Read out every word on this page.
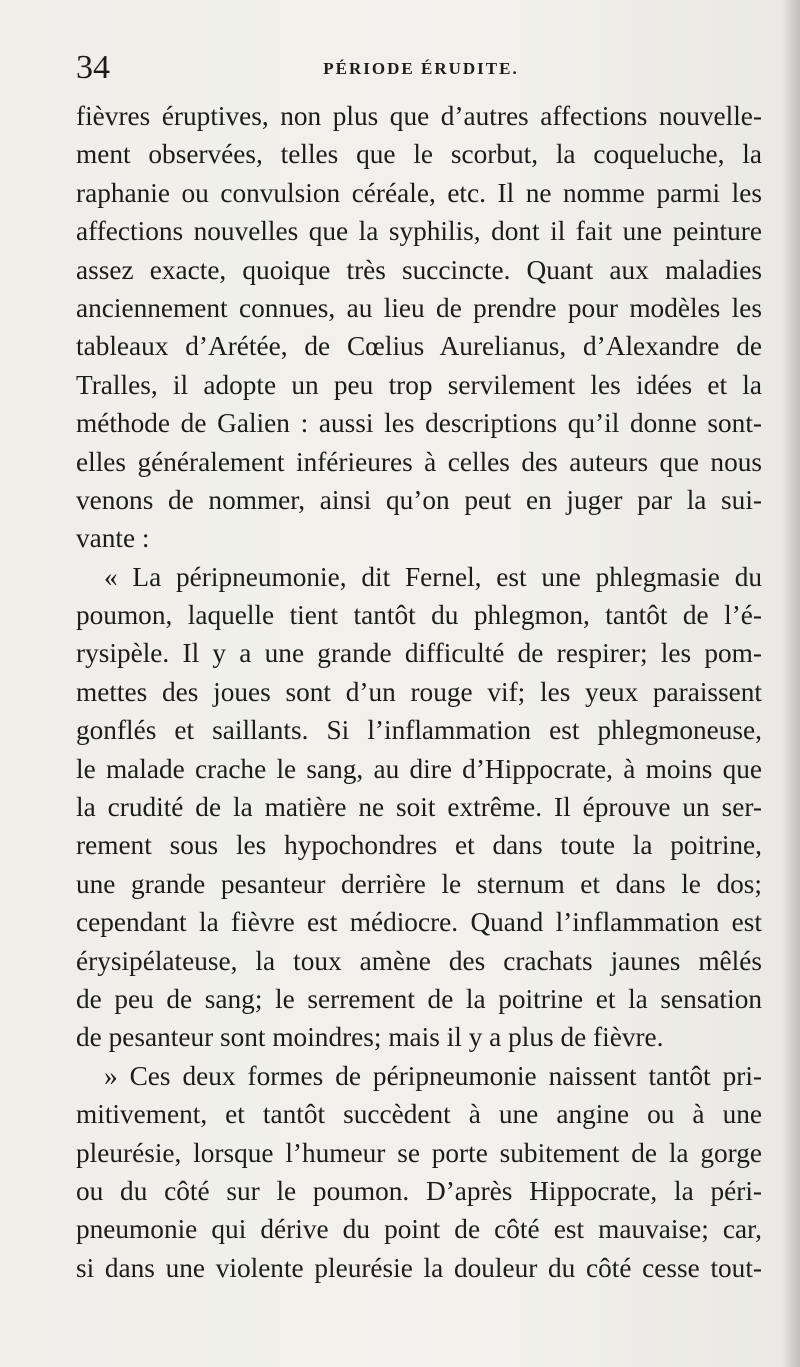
34	PÉRIODE ÉRUDITE.
fièvres éruptives, non plus que d’autres affections nouvelle-
ment observées, telles que le scorbut, la coqueluche, la
raphanie ou convulsion céréale, etc. Il ne nomme parmi les
affections nouvelles que la syphilis, dont il fait une peinture
assez exacte, quoique très succincte. Quant aux maladies
anciennement connues, au lieu de prendre pour modèles les
tableaux d’Arétée, de Cœlius Aurelianus, d’Alexandre de
Tralles, il adopte un peu trop servilement les idées et la
méthode de Galien : aussi les descriptions qu’il donne sont-
elles généralement inférieures à celles des auteurs que nous
venons de nommer, ainsi qu’on peut en juger par la sui-
vante :
« La péripneumonie, dit Fernel, est une phlegmasie du
poumon, laquelle tient tantôt du phlegmon, tantôt de l’é-
rysipèle. Il y a une grande difficulté de respirer; les pom-
mettes des joues sont d’un rouge vif; les yeux paraissent
gonflés et saillants. Si l’inflammation est phlegmoneuse,
le malade crache le sang, au dire d’Hippocrate, à moins que
la crudité de la matière ne soit extrême. Il éprouve un ser-
rement sous les hypochondres et dans toute la poitrine,
une grande pesanteur derrière le sternum et dans le dos;
cependant la fièvre est médiocre. Quand l’inflammation est
érysipélateuse, la toux amène des crachats jaunes mêlés
de peu de sang; le serrement de la poitrine et la sensation
de pesanteur sont moindres; mais il y a plus de fièvre.
» Ces deux formes de péripneumonie naissent tantôt pri-
mitivement, et tantôt succèdent à une angine ou à une
pleurésie, lorsque l’humeur se porte subitement de la gorge
ou du côté sur le poumon. D’après Hippocrate, la péri-
pneumonie qui dérive du point de côté est mauvaise; car,
si dans une violente pleurésie la douleur du côté cesse tout-
